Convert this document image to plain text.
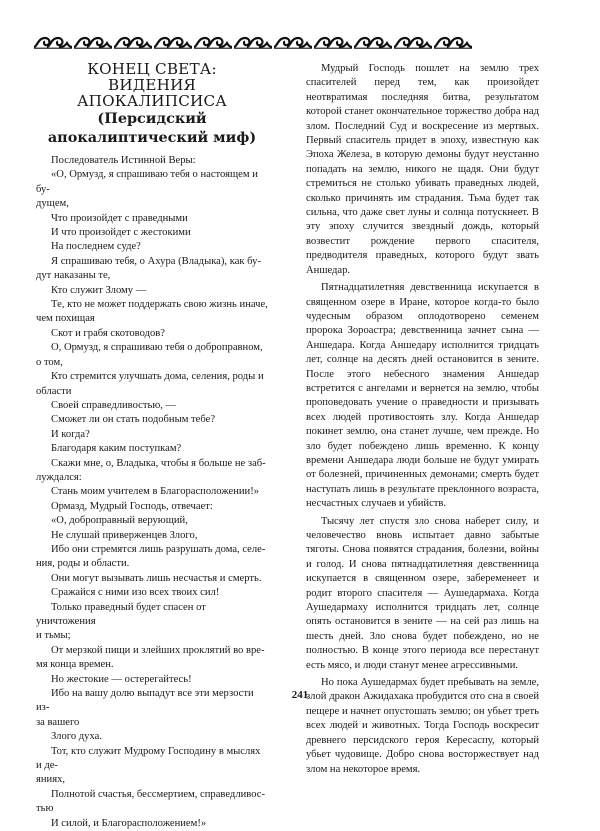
КОНЕЦ СВЕТА:
ВИДЕНИЯ АПОКАЛИПСИСА
(Персидский
апокалиптический миф)
Последователь Истинной Веры:
«О, Ормузд, я спрашиваю тебя о настоящем и бу-
дущем,
Что произойдет с праведными
И что произойдет с жестокими
На последнем суде?
Я спрашиваю тебя, о Ахура (Владыка), как бу-
дут наказаны те,
Кто служит Злому —
Те, кто не может поддержать свою жизнь иначе,
чем похищая
Скот и грабя скотоводов?
О, Ормузд, я спрашиваю тебя о доброправном,
о том,
Кто стремится улучшать дома, селения, роды и
области
Своей справедливостью, —
Сможет ли он стать подобным тебе?
И когда?
Благодаря каким поступкам?
Скажи мне, о, Владыка, чтобы я больше не заб-
луждался:
Стань моим учителем в Благорасположении!»
Ормазд, Мудрый Господь, отвечает:
«О, доброправный верующий,
Не слушай приверженцев Злого,
Ибо они стремятся лишь разрушать дома, селе-
ния, роды и области.
Они могут вызывать лишь несчастья и смерть.
Сражайся с ними изо всех твоих сил!
Только праведный будет спасен от уничтожения
и тьмы;
От мерзкой пищи и злейших проклятий во вре-
мя конца времен.
Но жестокие — остерегайтесь!
Ибо на вашу долю выпадут все эти мерзости из-
за вашего
Злого духа.
Тот, кто служит Мудрому Господину в мыслях и де-
яниях,
Полнотой счастья, бессмертием, справедливос-
тью
И силой, и Благорасположением!»

Мудрый Господь пошлет на землю трех спасителей перед тем, как произойдет неотвратимая последняя битва, результатом которой станет окончательное торжество добра над злом. Последний Суд и воскресение из мертвых. Первый спаситель придет в эпоху, известную как Эпоха Железа, в которую демоны будут неустанно попадать на землю, никого не щадя. Они будут стремиться не столько убивать праведных людей, сколько причинять им страдания. Тьма будет так сильна, что даже свет луны и солнца потускнеет. В эту эпоху случится звездный дождь, который возвестит рождение первого спасителя, предводителя праведных, которого будут звать Аншедар.

Пятнадцатилетняя девственница искупается в священном озере в Иране, которое когда-то было чудесным образом оплодотворено семенем пророка Зороастра; девственница зачнет сына — Аншедара. Когда Аншедару исполнится тридцать лет, солнце на десять дней остановится в зените. После этого небесного знамения Аншедар встретится с ангелами и вернется на землю, чтобы проповедовать учение о праведности и призывать всех людей противостоять злу. Когда Аншедар покинет землю, она станет лучше, чем прежде. Но зло будет побеждено лишь временно. К концу времени Аншедара люди больше не будут умирать от болезней, причиненных демонами; смерть будет наступать лишь в результате преклонного возраста, несчастных случаев и убийств.

Тысячу лет спустя зло снова наберет силу, и человечество вновь испытает давно забытые тяготы. Снова появятся страдания, болезни, войны и голод. И снова пятнадцатилетняя девственница искупается в священном озере, забеременеет и родит второго спасителя — Аушедармаха. Когда Аушедармаху исполнится тридцать лет, солнце опять остановится в зените — на сей раз лишь на шесть дней. Зло снова будет побеждено, но не полностью. В конце этого периода все перестанут есть мясо, и люди станут менее агрессивными.

Но пока Аушедармах будет пребывать на земле, злой дракон Ажидахака пробудится ото сна в своей пещере и начнет опустошать землю; он убьет треть всех людей и животных. Тогда Господь воскресит древнего персидского героя Кересаспу, который убьет чудовище. Добро снова восторжествует над злом на некоторое время.

241
